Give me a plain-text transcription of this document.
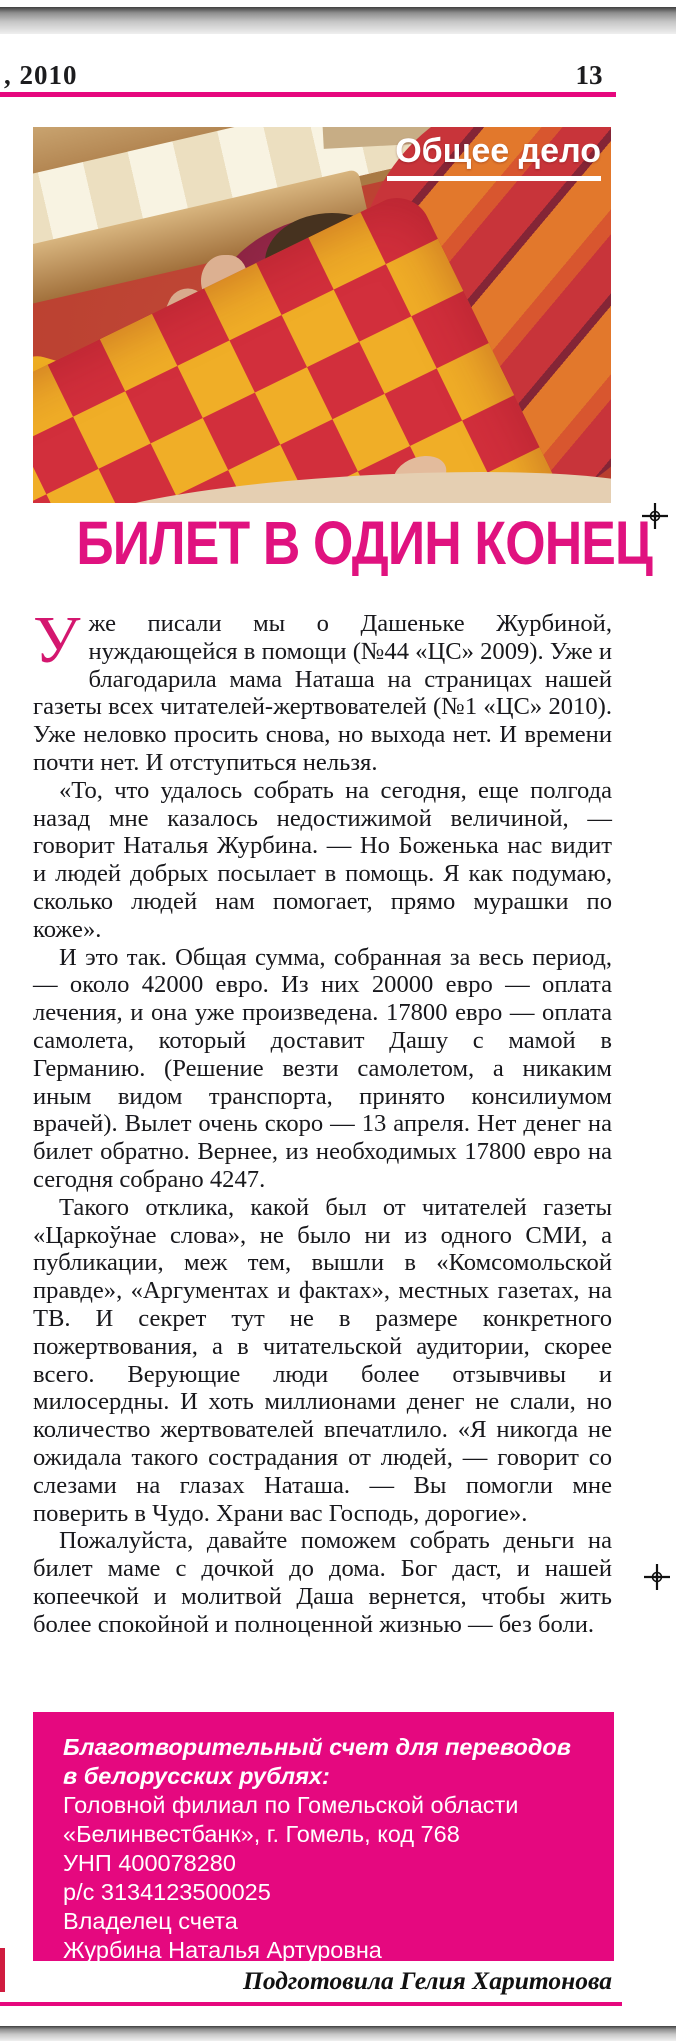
, 2010	13
Общее дело
БИЛЕТ В ОДИН КОНЕЦ

Уже писали мы о Дашеньке Журбиной, нуждающейся в помощи (№44 «ЦС» 2009). Уже и благодарила мама Наташа на страницах нашей газеты всех читателей-жертвователей (№1 «ЦС» 2010). Уже неловко просить снова, но выхода нет. И времени почти нет. И отступиться нельзя.

«То, что удалось собрать на сегодня, еще полгода назад мне казалось недостижимой величиной, — говорит Наталья Журбина. — Но Боженька нас видит и людей добрых посылает в помощь. Я как подумаю, сколько людей нам помогает, прямо мурашки по коже».

И это так. Общая сумма, собранная за весь период, — около 42000 евро. Из них 20000 евро — оплата лечения, и она уже произведена. 17800 евро — оплата самолета, который доставит Дашу с мамой в Германию. (Решение везти самолетом, а никаким иным видом транспорта, принято консилиумом врачей). Вылет очень скоро — 13 апреля. Нет денег на билет обратно. Вернее, из необходимых 17800 евро на сегодня собрано 4247.

Такого отклика, какой был от читателей газеты «Царкоўнае слова», не было ни из одного СМИ, а публикации, меж тем, вышли в «Комсомольской правде», «Аргументах и фактах», местных газетах, на ТВ. И секрет тут не в размере конкретного пожертвования, а в читательской аудитории, скорее всего. Верующие люди более отзывчивы и милосердны. И хоть миллионами денег не слали, но количество жертвователей впечатлило. «Я никогда не ожидала такого сострадания от людей, — говорит со слезами на глазах Наташа. — Вы помогли мне поверить в Чудо. Храни вас Господь, дорогие».

Пожалуйста, давайте поможем собрать деньги на билет маме с дочкой до дома. Бог даст, и нашей копеечкой и молитвой Даша вернется, чтобы жить более спокойной и полноценной жизнью — без боли.

Благотворительный счет для переводов
в белорусских рублях:
Головной филиал по Гомельской области
«Белинвестбанк», г. Гомель, код 768
УНП 400078280
р/с 3134123500025
Владелец счета
Журбина Наталья Артуровна
Подготовила Гелия Харитонова
